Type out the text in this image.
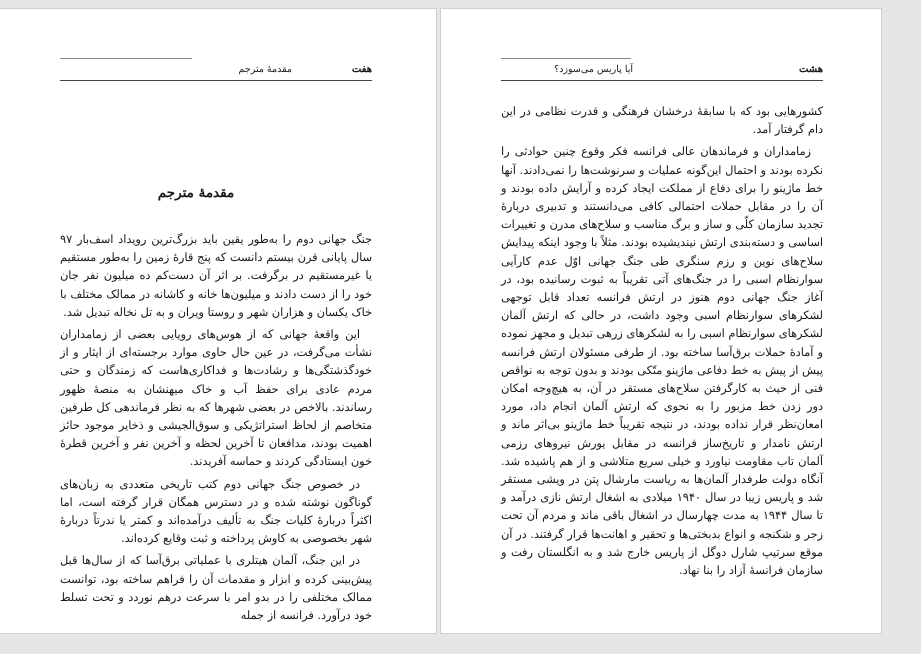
هفت
مقدمهٔ مترجم
مقدمهٔ مترجم

جنگ جهانی دوم را به‌طور یقین باید بزرگ‌ترین رویداد اسف‌بار ۹۷ سال پایانی قرن بیستم دانست که پنج قارهٔ زمین را به‌طور مستقیم یا غیرمستقیم در برگرفت. بر اثر آن دست‌کم ده میلیون نفر جان خود را از دست دادند و میلیون‌ها خانه و کاشانه در ممالک مختلف با خاک یکسان و هزاران شهر و روستا ویران و به تل نخاله تبدیل شد.

این واقعهٔ جهانی که از هوس‌های رویایی بعضی از زمامداران نشأت می‌گرفت، در عین حال حاوی موارد برجسته‌ای از ایثار و از خودگذشتگی‌ها و رشادت‌ها و فداکاری‌هاست که زمندگان و حتی مردم عادی برای حفظ آب و خاک میهنشان به منصهٔ ظهور رساندند. بالاخص در بعضی شهرها که به نظر فرماندهی کل طرفین متخاصم از لحاظ استراتژیکی و سوق‌الجیشی و ذخایر موجود حائز اهمیت بودند، مدافعان تا آخرین لحظه و آخرین نفر و آخرین قطرهٔ خون ایستادگی کردند و حماسه آفریدند.

در خصوص جنگ جهانی دوم کتب تاریخی متعددی به زبان‌های گوناگون نوشته شده و در دسترس همگان قرار گرفته است، اما اکثراً دربارهٔ کلیات جنگ به تألیف درآمده‌اند و کمتر یا ندرتاً دربارهٔ شهر بخصوصی به کاوش پرداخته و ثبت وقایع کرده‌اند.

در این جنگ، آلمان هیتلری با عملیاتی برق‌آسا که از سال‌ها قبل پیش‌بینی کرده و ابزار و مقدمات آن را فراهم ساخته بود، توانست ممالک مختلفی را در بدو امر با سرعت درهم نوردد و تحت تسلط خود درآورد. فرانسه از جمله

هشت
آیا پاریس می‌سوزد؟

کشورهایی بود که با سابقهٔ درخشان فرهنگی و قدرت نظامی در این دام گرفتار آمد.

زمامداران و فرماندهان عالی فرانسه فکر وقوع چنین حوادثی را نکرده بودند و احتمال این‌گونه عملیات و سرنوشت‌ها را نمی‌دادند. آنها خط ماژینو را برای دفاع از مملکت ایجاد کرده و آرایش داده بودند و آن را در مقابل حملات احتمالی کافی می‌دانستند و تدبیری دربارهٔ تجدید سازمان کلّی و ساز و برگ مناسب و سلاح‌های مدرن و تغییرات اساسی و دسته‌بندی ارتش نیندیشیده بودند. مثلاً با وجود اینکه پیدایش سلاح‌های نوین و رزم سنگری طی جنگ جهانی اوّل عدم کارآیی سوارنظام اسبی را در جنگ‌های آتی تقریباً به ثبوت رسانیده بود، در آغاز جنگ جهانی دوم هنوز در ارتش فرانسه تعداد قابل توجهی لشکرهای سوارنظام اسبی وجود داشت، در حالی که ارتش آلمان لشکرهای سوارنظام اسبی را به لشکرهای زرهی تبدیل و مجهز نموده و آمادهٔ حملات برق‌آسا ساخته بود. از طرفی مسئولان ارتش فرانسه پیش از پیش به خط دفاعی ماژینو متّکی بودند و بدون توجه به نواقص فنی از حیث به کارگرفتن سلاح‌های مستقر در آن، به هیچ‌وجه امکان دور زدن خط مزبور را به نحوی که ارتش آلمان انجام داد، مورد امعان‌نظر قرار نداده بودند، در نتیجه تقریباً خط ماژینو بی‌اثر ماند و ارتش نامدار و تاریخ‌ساز فرانسه در مقابل یورش نیروهای رزمی آلمان تاب مقاومت نیاورد و خیلی سریع متلاشی و از هم پاشیده شد. آنگاه دولت طرفدار آلمان‌ها به ریاست مارشال پتن در ویشی مستقر شد و پاریس زیبا در سال ۱۹۴۰ میلادی به اشغال ارتش نازی درآمد و تا سال ۱۹۴۴ به مدت چهارسال در اشغال باقی ماند و مردم آن تحت زجر و شکنجه و انواع بدبختی‌ها و تحقیر و اهانت‌ها قرار گرفتند. در آن موقع سرتیپ شارل دوگل از پاریس خارج شد و به انگلستان رفت و سازمان فرانسهٔ آزاد را بنا نهاد.
